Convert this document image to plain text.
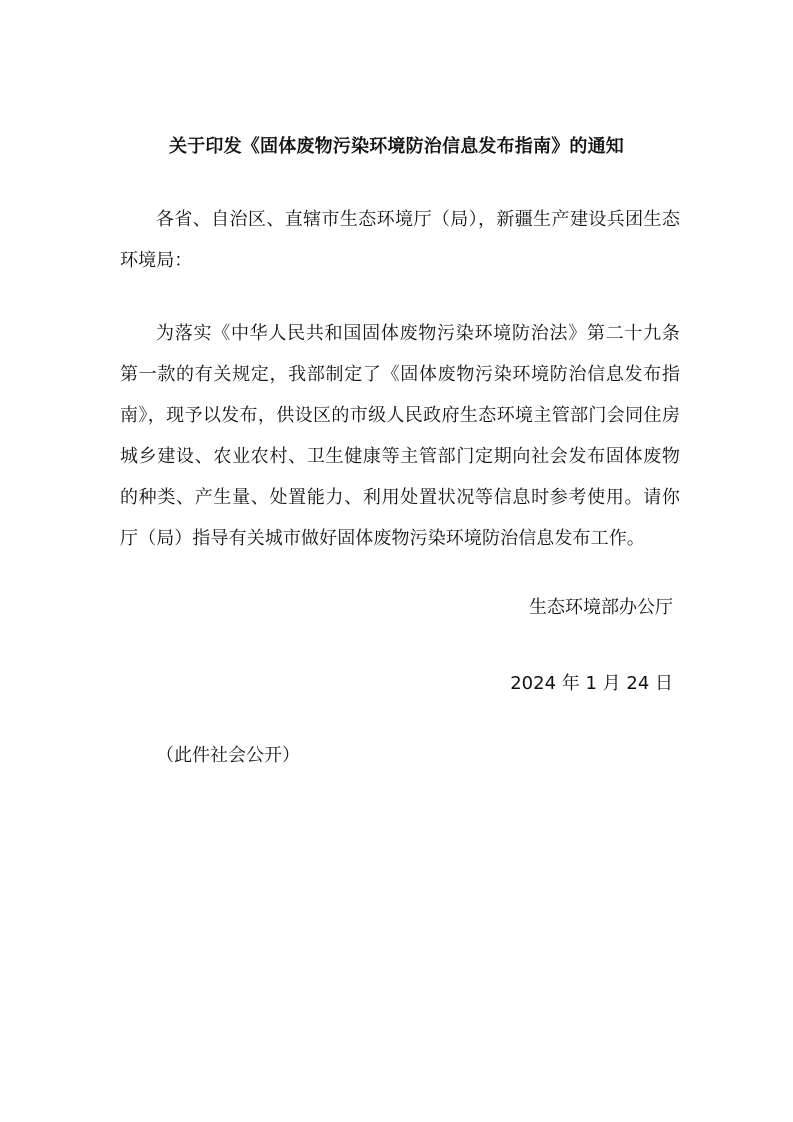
关于印发《固体废物污染环境防治信息发布指南》的通知

各省、自治区、直辖市生态环境厅（局），新疆生产建设兵团生态环境局：

为落实《中华人民共和国固体废物污染环境防治法》第二十九条第一款的有关规定，我部制定了《固体废物污染环境防治信息发布指南》，现予以发布，供设区的市级人民政府生态环境主管部门会同住房城乡建设、农业农村、卫生健康等主管部门定期向社会发布固体废物的种类、产生量、处置能力、利用处置状况等信息时参考使用。请你厅（局）指导有关城市做好固体废物污染环境防治信息发布工作。

生态环境部办公厅

2024 年 1 月 24 日

（此件社会公开）
